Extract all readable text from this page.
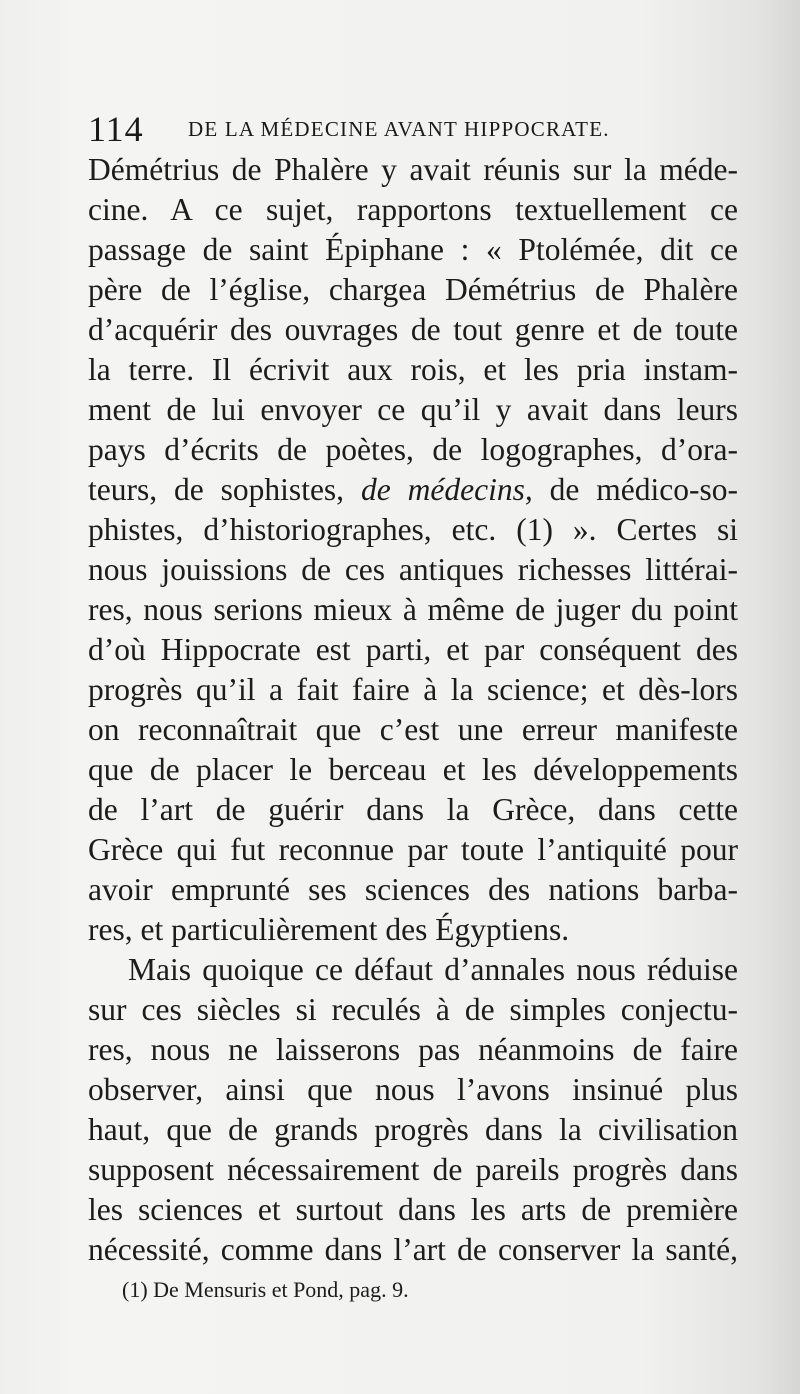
114 DE LA MÉDECINE AVANT HIPPOCRATE.
Démétrius de Phalère y avait réunis sur la méde-
cine. A ce sujet, rapportons textuellement ce
passage de saint Épiphane : « Ptolémée, dit ce
père de l’église, chargea Démétrius de Phalère
d’acquérir des ouvrages de tout genre et de toute
la terre. Il écrivit aux rois, et les pria instam-
ment de lui envoyer ce qu’il y avait dans leurs
pays d’écrits de poètes, de logographes, d’ora-
teurs, de sophistes, de médecins, de médico-so-
phistes, d’historiographes, etc. (1) ». Certes si
nous jouissions de ces antiques richesses littérai-
res, nous serions mieux à même de juger du point
d’où Hippocrate est parti, et par conséquent des
progrès qu’il a fait faire à la science; et dès-lors
on reconnaîtrait que c’est une erreur manifeste
que de placer le berceau et les développements
de l’art de guérir dans la Grèce, dans cette
Grèce qui fut reconnue par toute l’antiquité pour
avoir emprunté ses sciences des nations barba-
res, et particulièrement des Égyptiens.
Mais quoique ce défaut d’annales nous réduise
sur ces siècles si reculés à de simples conjectu-
res, nous ne laisserons pas néanmoins de faire
observer, ainsi que nous l’avons insinué plus
haut, que de grands progrès dans la civilisation
supposent nécessairement de pareils progrès dans
les sciences et surtout dans les arts de première
nécessité, comme dans l’art de conserver la santé,
(1) De Mensuris et Pond, pag. 9.
